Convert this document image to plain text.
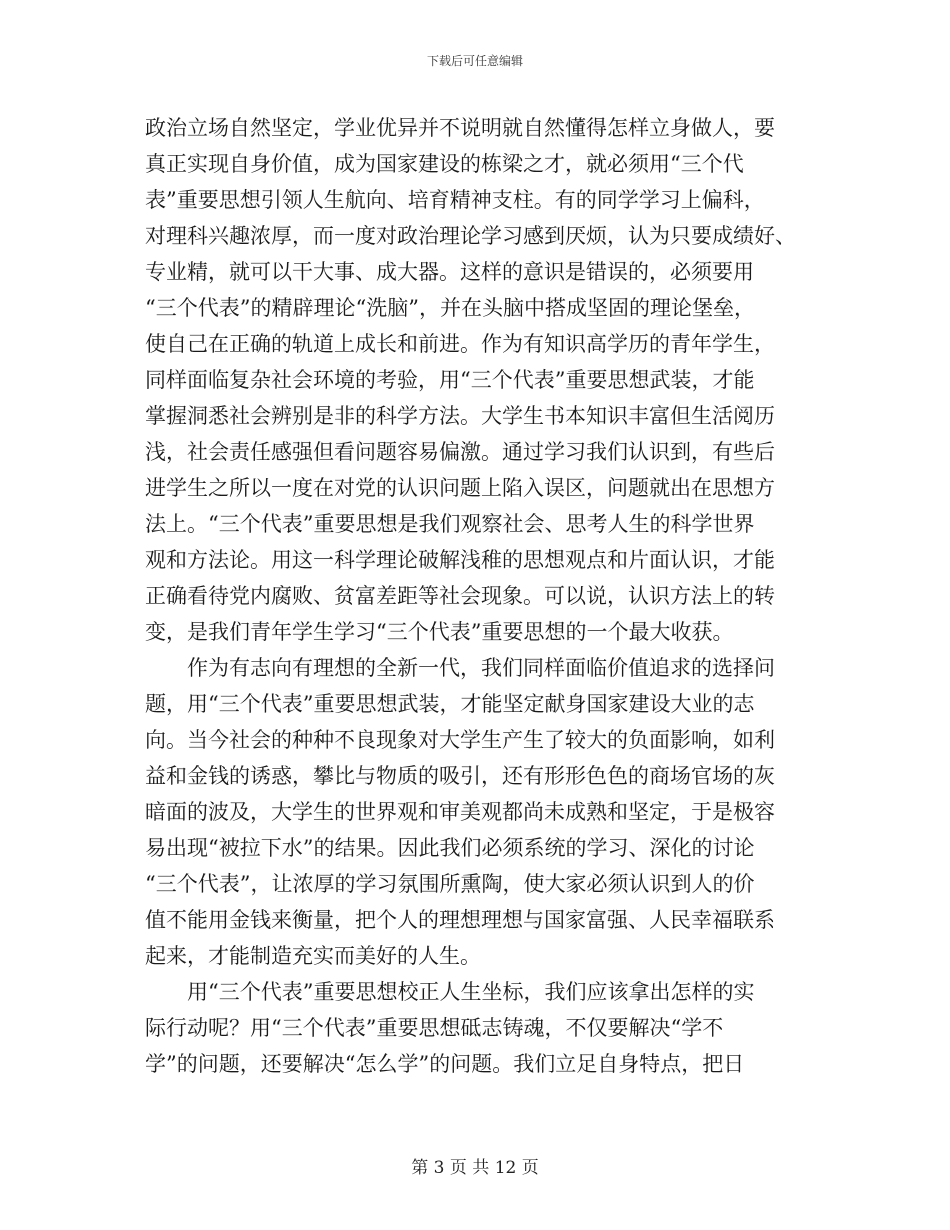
下载后可任意编辑
政治立场自然坚定，学业优异并不说明就自然懂得怎样立身做人，要
真正实现自身价值，成为国家建设的栋梁之才，就必须用“三个代
表”重要思想引领人生航向、培育精神支柱。有的同学学习上偏科，
对理科兴趣浓厚，而一度对政治理论学习感到厌烦，认为只要成绩好、
专业精，就可以干大事、成大器。这样的意识是错误的，必须要用
“三个代表”的精辟理论“洗脑”，并在头脑中搭成坚固的理论堡垒，
使自己在正确的轨道上成长和前进。作为有知识高学历的青年学生，
同样面临复杂社会环境的考验，用“三个代表”重要思想武装，才能
掌握洞悉社会辨别是非的科学方法。大学生书本知识丰富但生活阅历
浅，社会责任感强但看问题容易偏激。通过学习我们认识到，有些后
进学生之所以一度在对党的认识问题上陷入误区，问题就出在思想方
法上。“三个代表”重要思想是我们观察社会、思考人生的科学世界
观和方法论。用这一科学理论破解浅稚的思想观点和片面认识，才能
正确看待党内腐败、贫富差距等社会现象。可以说，认识方法上的转
变，是我们青年学生学习“三个代表”重要思想的一个最大收获。
作为有志向有理想的全新一代，我们同样面临价值追求的选择问
题，用“三个代表”重要思想武装，才能坚定献身国家建设大业的志
向。当今社会的种种不良现象对大学生产生了较大的负面影响，如利
益和金钱的诱惑，攀比与物质的吸引，还有形形色色的商场官场的灰
暗面的波及，大学生的世界观和审美观都尚未成熟和坚定，于是极容
易出现“被拉下水”的结果。因此我们必须系统的学习、深化的讨论
“三个代表”，让浓厚的学习氛围所熏陶，使大家必须认识到人的价
值不能用金钱来衡量，把个人的理想理想与国家富强、人民幸福联系
起来，才能制造充实而美好的人生。
用“三个代表”重要思想校正人生坐标，我们应该拿出怎样的实
际行动呢？用“三个代表”重要思想砥志铸魂，不仅要解决“学不
学”的问题，还要解决“怎么学”的问题。我们立足自身特点，把日
第 3 页 共 12 页
